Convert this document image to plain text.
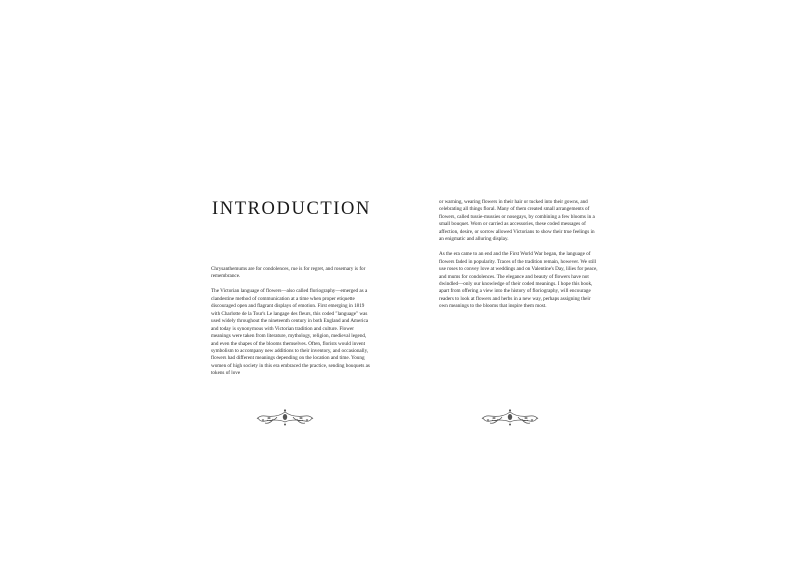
INTRODUCTION

Chrysanthemums are for condolences, rue is for regret, and rosemary is for remembrance.

The Victorian language of flowers—also called floriography—emerged as a clandestine method of communication at a time when proper etiquette discouraged open and flagrant displays of emotion. First emerging in 1819 with Charlotte de la Tour's Le langage des fleurs, this coded "language" was used widely throughout the nineteenth century in both England and America and today is synonymous with Victorian tradition and culture. Flower meanings were taken from literature, mythology, religion, medieval legend, and even the shapes of the blooms themselves. Often, florists would invent symbolism to accompany new additions to their inventory, and occasionally, flowers had different meanings depending on the location and time. Young women of high society in this era embraced the practice, sending bouquets as tokens of love

or warning, wearing flowers in their hair or tucked into their gowns, and celebrating all things floral. Many of them created small arrangements of flowers, called tussie-mussies or nosegays, by combining a few blooms in a small bouquet. Worn or carried as accessories, these coded messages of affection, desire, or sorrow allowed Victorians to show their true feelings in an enigmatic and alluring display.

As the era came to an end and the First World War began, the language of flowers faded in popularity. Traces of the tradition remain, however. We still use roses to convey love at weddings and on Valentine's Day, lilies for peace, and mums for condolences. The elegance and beauty of flowers have not dwindled—only our knowledge of their coded meanings. I hope this book, apart from offering a view into the history of floriography, will encourage readers to look at flowers and herbs in a new way, perhaps assigning their own meanings to the blooms that inspire them most.
